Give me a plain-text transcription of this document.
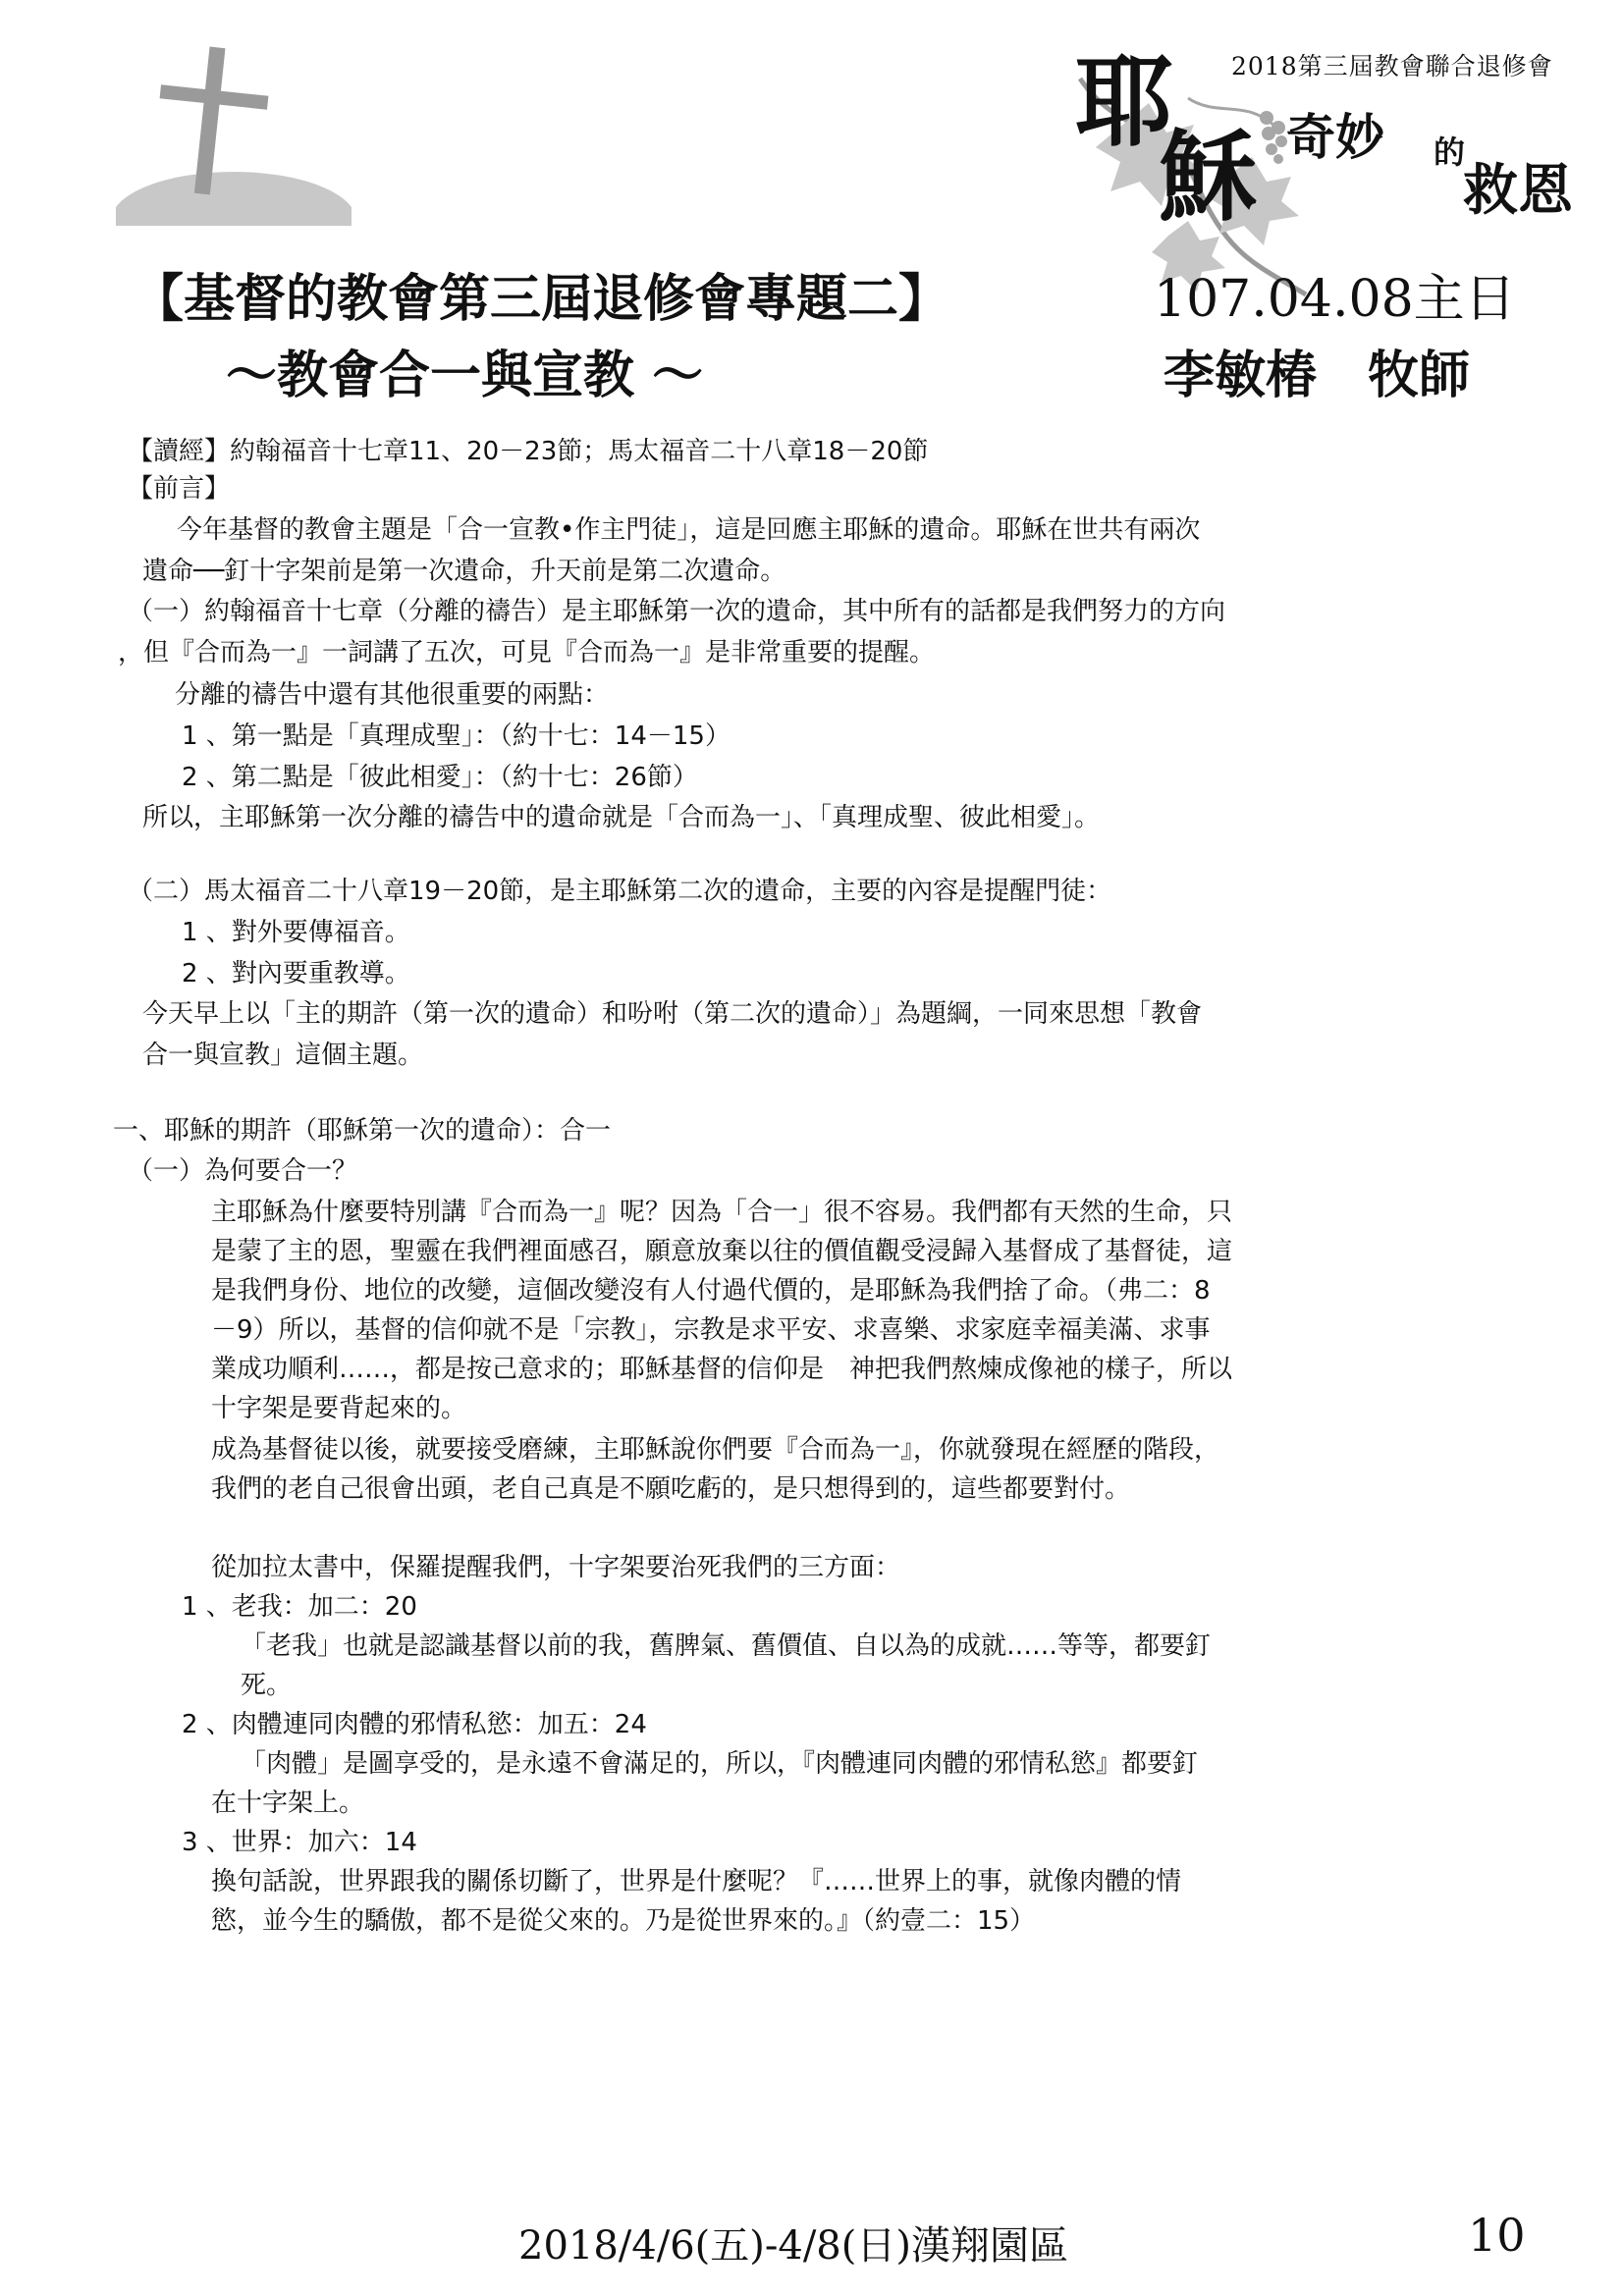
2018第三屆教會聯合退修會
耶
穌 奇妙 的
救恩
【基督的教會第三屆退修會專題二】
～教會合一與宣教 ～
107.04.08主日
李敏椿　牧師
【讀經】約翰福音十七章11、20－23節；馬太福音二十八章18－20節
【前言】
今年基督的教會主題是「合一宣教•作主門徒」，這是回應主耶穌的遺命。耶穌在世共有兩次
遺命──釘十字架前是第一次遺命，升天前是第二次遺命。
（一）約翰福音十七章（分離的禱告）是主耶穌第一次的遺命，其中所有的話都是我們努力的方向
，但『合而為一』一詞講了五次，可見『合而為一』是非常重要的提醒。
分離的禱告中還有其他很重要的兩點：
1 、第一點是「真理成聖」：（約十七：14－15）
2 、第二點是「彼此相愛」：（約十七：26節）
所以，主耶穌第一次分離的禱告中的遺命就是「合而為一」、「真理成聖、彼此相愛」。
（二）馬太福音二十八章19－20節，是主耶穌第二次的遺命，主要的內容是提醒門徒：
1 、對外要傳福音。
2 、對內要重教導。
今天早上以「主的期許（第一次的遺命）和吩咐（第二次的遺命）」為題綱，一同來思想「教會
合一與宣教」這個主題。
一、耶穌的期許（耶穌第一次的遺命）：合一
（一）為何要合一？
主耶穌為什麼要特別講『合而為一』呢？因為「合一」很不容易。我們都有天然的生命，只
是蒙了主的恩，聖靈在我們裡面感召，願意放棄以往的價值觀受浸歸入基督成了基督徒，這
是我們身份、地位的改變，這個改變沒有人付過代價的，是耶穌為我們捨了命。（弗二：8
－9）所以，基督的信仰就不是「宗教」，宗教是求平安、求喜樂、求家庭幸福美滿、求事
業成功順利……，都是按己意求的；耶穌基督的信仰是　神把我們熬煉成像祂的樣子，所以
十字架是要背起來的。
成為基督徒以後，就要接受磨練，主耶穌說你們要『合而為一』，你就發現在經歷的階段，
我們的老自己很會出頭，老自己真是不願吃虧的，是只想得到的，這些都要對付。
從加拉太書中，保羅提醒我們，十字架要治死我們的三方面：
1 、老我：加二：20
「老我」也就是認識基督以前的我，舊脾氣、舊價值、自以為的成就……等等，都要釘
死。
2 、肉體連同肉體的邪情私慾：加五：24
「肉體」是圖享受的，是永遠不會滿足的，所以，『肉體連同肉體的邪情私慾』都要釘
在十字架上。
3 、世界：加六：14
換句話說，世界跟我的關係切斷了，世界是什麼呢？『……世界上的事，就像肉體的情
慾，並今生的驕傲，都不是從父來的。乃是從世界來的。』（約壹二：15）
2018/4/6(五)-4/8(日)漢翔園區	10
